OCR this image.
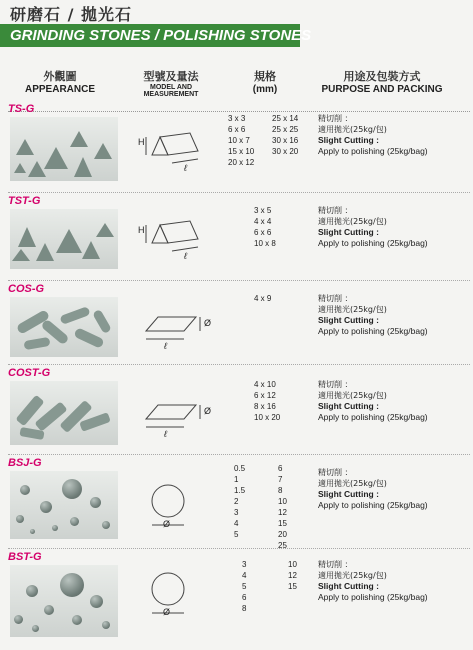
研磨石 / 拋光石
GRINDING STONES / POLISHING STONES
外觀圖
APPEARANCE
型號及量法
MODEL AND MEASUREMENT
規格
(mm)
用途及包裝方式
PURPOSE AND PACKING
TS-G
H
ℓ
3 x 3
6 x 6
10 x 7
15 x 10
20 x 12
25 x 14
25 x 25
30 x 16
30 x 20
精切削 ：
適用拋光(25kg/包)
Slight Cutting :
Apply to polishing (25kg/bag)
TST-G
H
ℓ
3 x 5
4 x 4
6 x 6
10 x 8
精切削 ：
適用拋光(25kg/包)
Slight Cutting :
Apply to polishing (25kg/bag)
COS-G
Ø
ℓ
4 x 9	精切削 ：
適用拋光(25kg/包)
Slight Cutting :
Apply to polishing (25kg/bag)
COST-G
Ø
ℓ
4 x 10
6 x 12
8 x 16
10 x 20
精切削 ：
適用拋光(25kg/包)
Slight Cutting :
Apply to polishing (25kg/bag)
BSJ-G
Ø
0.5
1
1.5
2
3
4
5
6
7
8
10
12
15
20
25
精切削 ：
適用拋光(25kg/包)
Slight Cutting :
Apply to polishing (25kg/bag)
BST-G
Ø
3
4
5
6
8
10
12
15
精切削 ：
適用拋光(25kg/包)
Slight Cutting :
Apply to polishing (25kg/bag)
